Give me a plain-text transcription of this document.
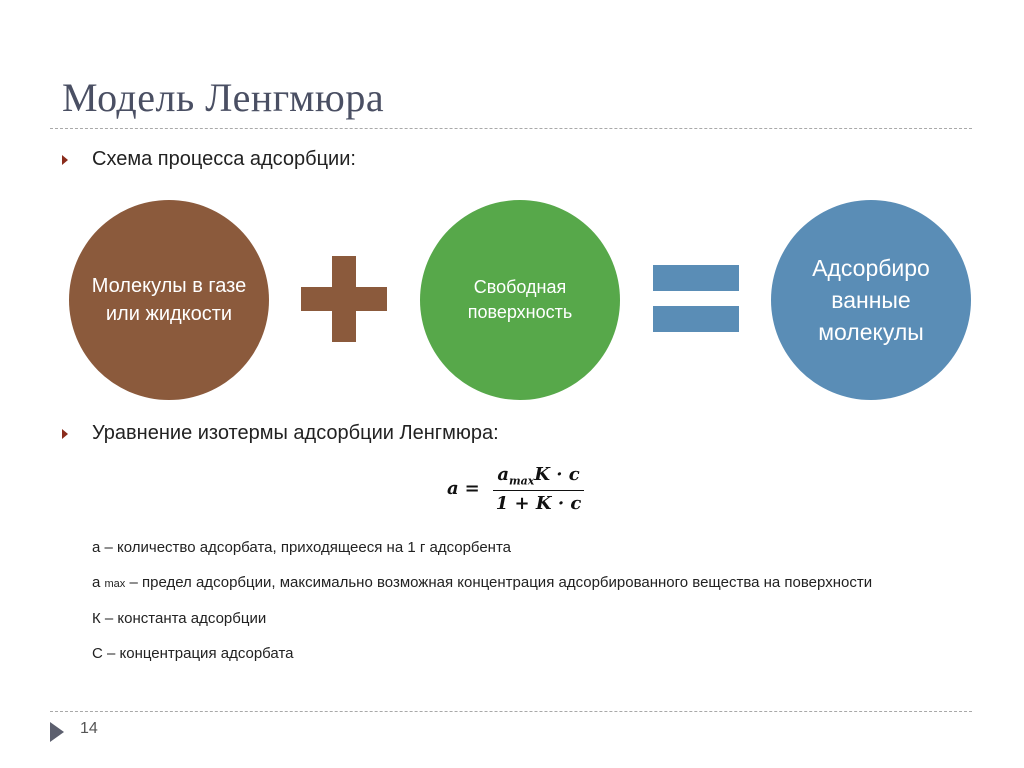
Модель Ленгмюра
Схема процесса адсорбции:
Молекулы в газе или жидкости
Свободная поверхность
Адсорбиро ванные молекулы
Уравнение изотермы адсорбции Ленгмюра:
$a = \frac{a_{max}K \cdot c}{1 + K \cdot c}$

a – количество адсорбата, приходящееся на 1 г адсорбента

a max – предел адсорбции, максимально возможная концентрация адсорбированного вещества на поверхности

К – константа адсорбции

С – концентрация адсорбата

14
